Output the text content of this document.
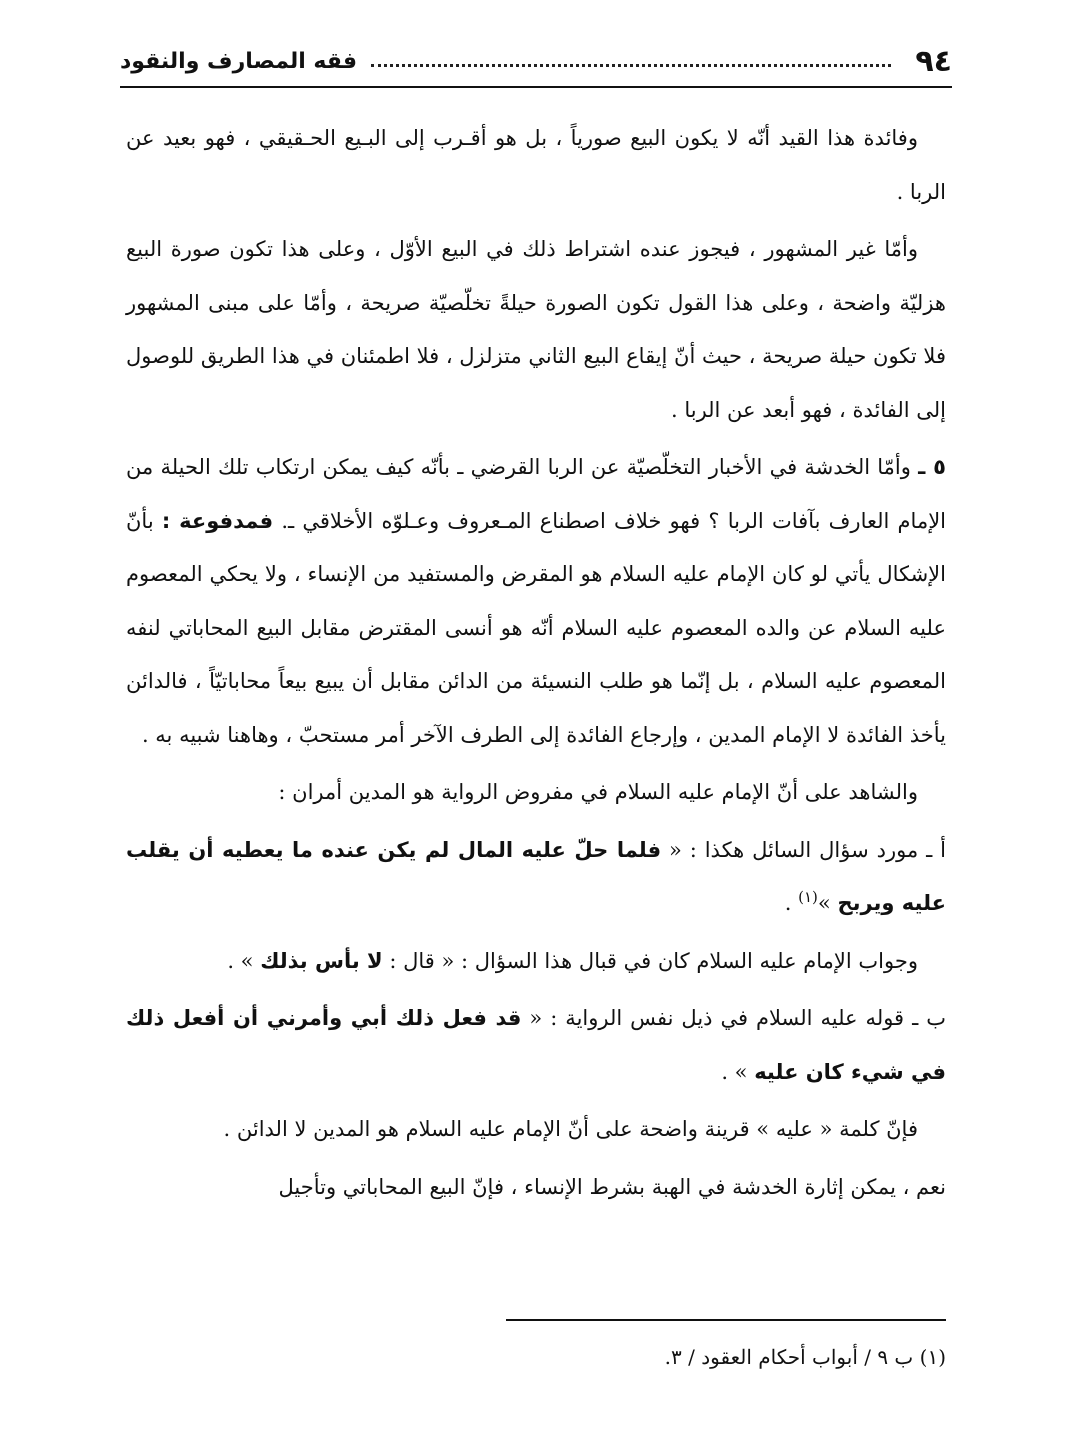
٩٤
فقه المصارف والنقود

وفائدة هذا القيد أنّه لا يكون البيع صورياً ، بل هو أقـرب إلى البـيع الحـقيقي ، فهو بعيد عن الربا .

وأمّا غير المشهور ، فيجوز عنده اشتراط ذلك في البيع الأوّل ، وعلى هذا تكون صورة البيع هزليّة واضحة ، وعلى هذا القول تكون الصورة حيلةً تخلّصيّة صريحة ، وأمّا على مبنى المشهور فلا تكون حيلة صريحة ، حيث أنّ إيقاع البيع الثاني متزلزل ، فلا اطمئنان في هذا الطريق للوصول إلى الفائدة ، فهو أبعد عن الربا .

٥ ـ وأمّا الخدشة في الأخبار التخلّصيّة عن الربا القرضي ـ بأنّه كيف يمكن ارتكاب تلك الحيلة من الإمام العارف بآفات الربا ؟ فهو خلاف اصطناع المـعروف وعـلوّه الأخلاقي ـ. فمدفوعة : بأنّ الإشكال يأتي لو كان الإمام عليه السلام هو المقرض والمستفيد من الإنساء ، ولا يحكي المعصوم عليه السلام عن والده المعصوم عليه السلام أنّه هو أنسى المقترض مقابل البيع المحاباتي لنفه المعصوم عليه السلام ، بل إنّما هو طلب النسيئة من الدائن مقابل أن يبيع بيعاً محاباتيّاً ، فالدائن يأخذ الفائدة لا الإمام المدين ، وإرجاع الفائدة إلى الطرف الآخر أمر مستحبّ ، وهاهنا شبيه به .

والشاهد على أنّ الإمام عليه السلام في مفروض الرواية هو المدين أمران :

أ ـ مورد سؤال السائل هكذا : « فلما حلّ عليه المال لم يكن عنده ما يعطيه أن يقلب عليه ويربح »$^{(١)}$ .

وجواب الإمام عليه السلام كان في قبال هذا السؤال : « قال : لا بأس بذلك » .

ب ـ قوله عليه السلام في ذيل نفس الرواية : « قد فعل ذلك أبي وأمرني أن أفعل ذلك في شيء كان عليه » .

فإنّ كلمة « عليه » قرينة واضحة على أنّ الإمام عليه السلام هو المدين لا الدائن .

نعم ، يمكن إثارة الخدشة في الهبة بشرط الإنساء ، فإنّ البيع المحاباتي وتأجيل

(١) ب ٩ / أبواب أحكام العقود / ٣.
